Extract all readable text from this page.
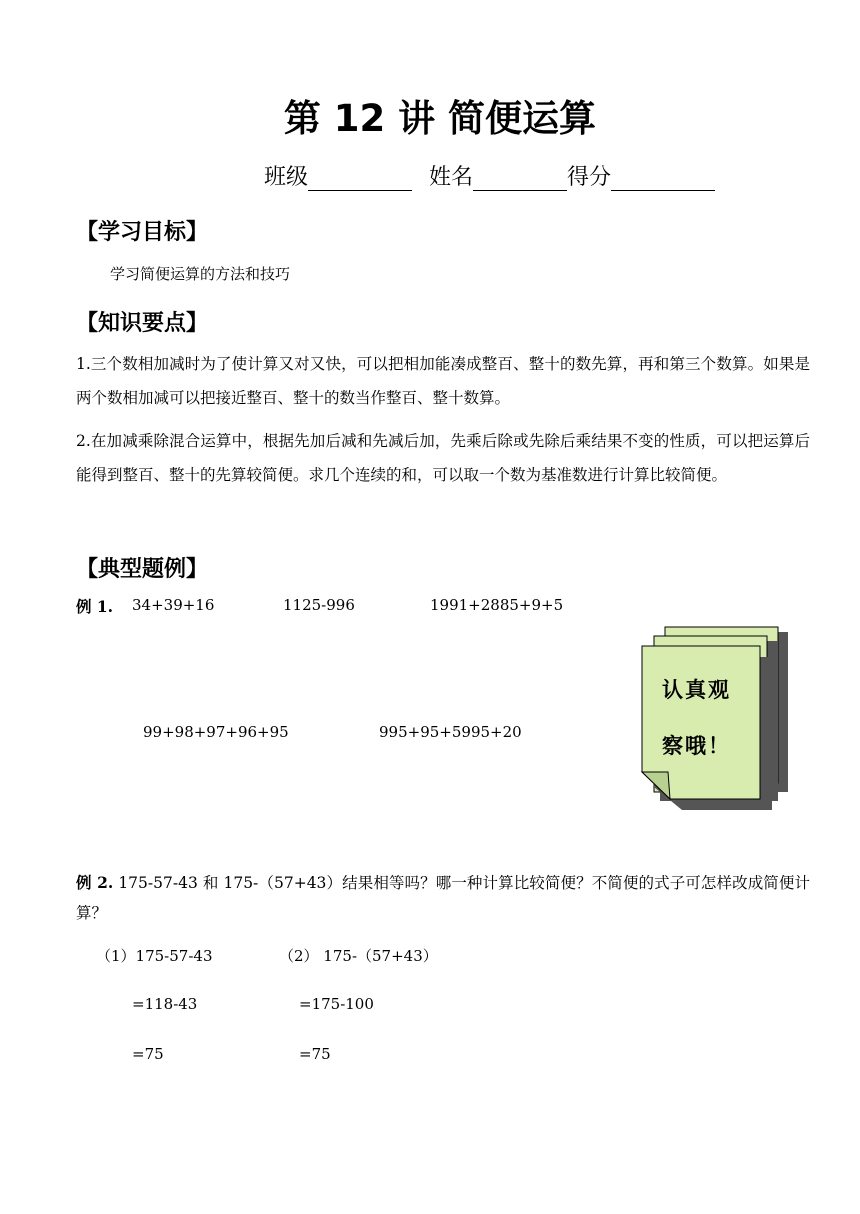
第 12 讲 简便运算
班级	姓名	得分
【学习目标】
学习简便运算的方法和技巧
【知识要点】
1.三个数相加减时为了使计算又对又快，可以把相加能凑成整百、整十的数先算，再和第三个数算。如果是两个数相加减可以把接近整百、整十的数当作整百、整十数算。
2.在加减乘除混合运算中，根据先加后减和先减后加，先乘后除或先除后乘结果不变的性质，可以把运算后能得到整百、整十的先算较简便。求几个连续的和，可以取一个数为基准数进行计算比较简便。
【典型题例】
例 1. 34+39+16	1125-996	1991+2885+9+5
99+98+97+96+95	995+95+5995+20
认真观
察哦！
例 2. 175-57-43 和 175-（57+43）结果相等吗？哪一种计算比较简便？不简便的式子可怎样改成简便计算？
（1）175-57-43
=118-43
=75
（2） 175-（57+43）
=175-100
=75
